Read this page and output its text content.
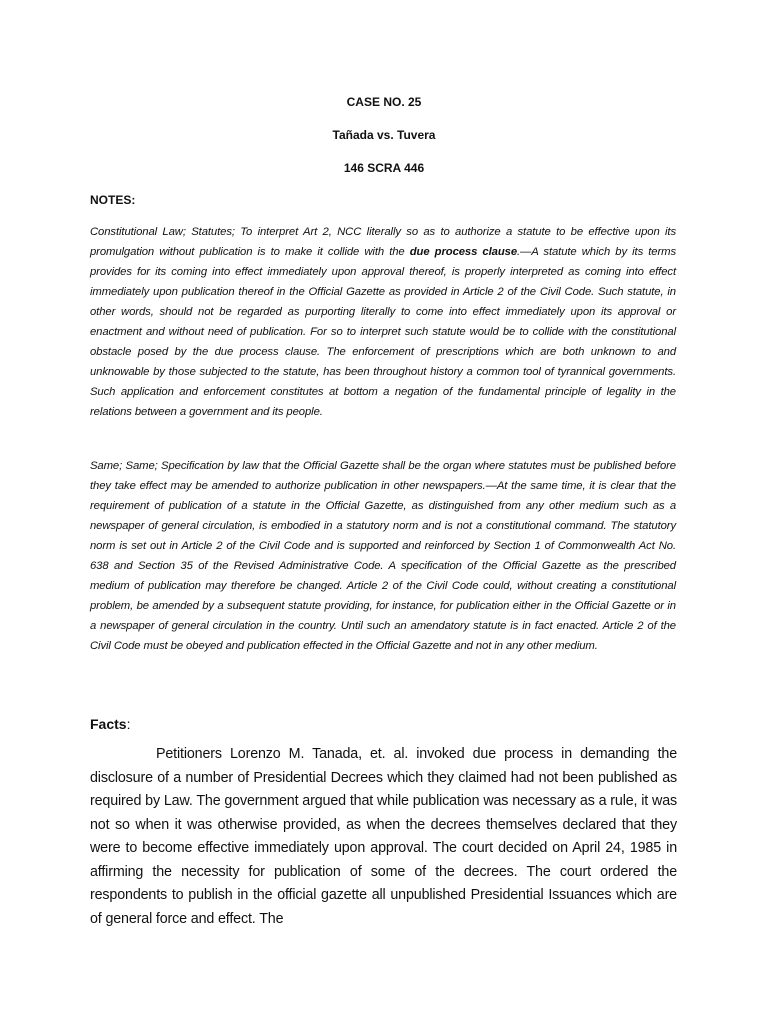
CASE NO. 25
Tañada vs. Tuvera
146 SCRA 446
NOTES:
Constitutional Law; Statutes; To interpret Art 2, NCC literally so as to authorize a statute to be effective upon its promulgation without publication is to make it collide with the due process clause.—A statute which by its terms provides for its coming into effect immediately upon approval thereof, is properly interpreted as coming into effect immediately upon publication thereof in the Official Gazette as provided in Article 2 of the Civil Code. Such statute, in other words, should not be regarded as purporting literally to come into effect immediately upon its approval or enactment and without need of publication. For so to interpret such statute would be to collide with the constitutional obstacle posed by the due process clause. The enforcement of prescriptions which are both unknown to and unknowable by those subjected to the statute, has been throughout history a common tool of tyrannical governments. Such application and enforcement constitutes at bottom a negation of the fundamental principle of legality in the relations between a government and its people.
Same; Same; Specification by law that the Official Gazette shall be the organ where statutes must be published before they take effect may be amended to authorize publication in other newspapers.—At the same time, it is clear that the requirement of publication of a statute in the Official Gazette, as distinguished from any other medium such as a newspaper of general circulation, is embodied in a statutory norm and is not a constitutional command. The statutory norm is set out in Article 2 of the Civil Code and is supported and reinforced by Section 1 of Commonwealth Act No. 638 and Section 35 of the Revised Administrative Code. A specification of the Official Gazette as the prescribed medium of publication may therefore be changed. Article 2 of the Civil Code could, without creating a constitutional problem, be amended by a subsequent statute providing, for instance, for publication either in the Official Gazette or in a newspaper of general circulation in the country. Until such an amendatory statute is in fact enacted. Article 2 of the Civil Code must be obeyed and publication effected in the Official Gazette and not in any other medium.
Facts:
Petitioners Lorenzo M. Tanada, et. al. invoked due process in demanding the disclosure of a number of Presidential Decrees which they claimed had not been published as required by Law. The government argued that while publication was necessary as a rule, it was not so when it was otherwise provided, as when the decrees themselves declared that they were to become effective immediately upon approval. The court decided on April 24, 1985 in affirming the necessity for publication of some of the decrees. The court ordered the respondents to publish in the official gazette all unpublished Presidential Issuances which are of general force and effect. The
